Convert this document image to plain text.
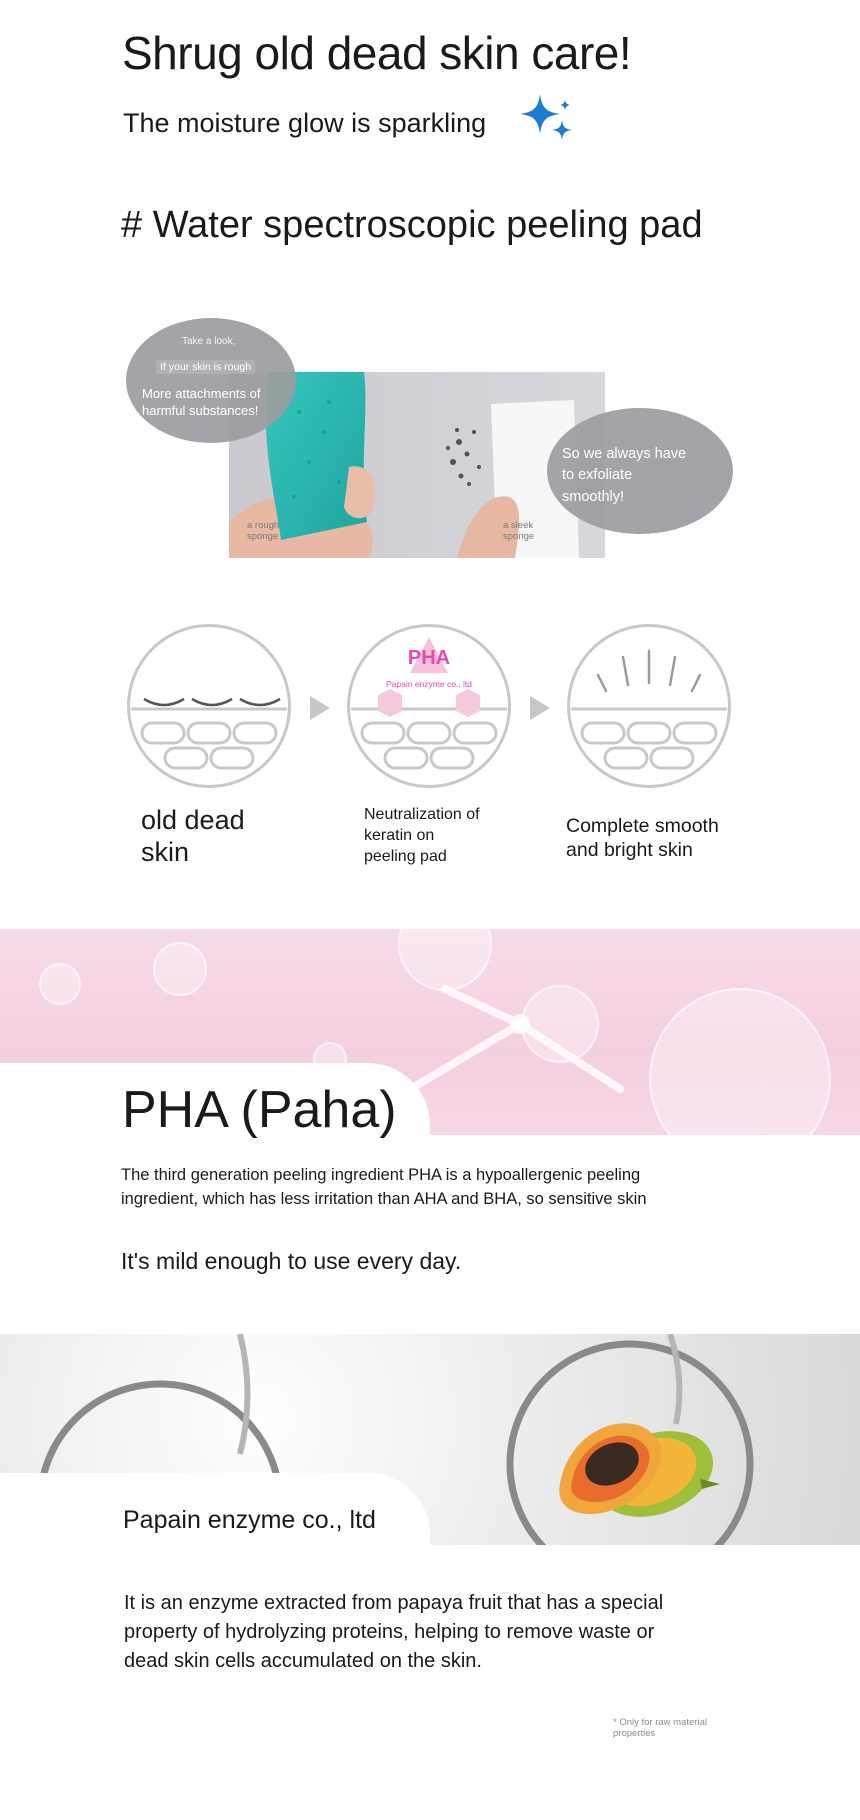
Shrug old dead skin care!

The moisture glow is sparkling

# Water spectroscopic peeling pad
a rough
sponge
a sleek
sponge
Take a look,
If your skin is rough
More attachments of
harmful substances!
So we always have
to exfoliate
smoothly!
PHA
Papain enzyme co., ltd

old dead
skin

Neutralization of
keratin on
peeling pad

Complete smooth
and bright skin

PHA (Paha)

The third generation peeling ingredient PHA is a hypoallergenic peeling ingredient, which has less irritation than AHA and BHA, so sensitive skin

It's mild enough to use every day.

Papain enzyme co., ltd

It is an enzyme extracted from papaya fruit that has a special property of hydrolyzing proteins, helping to remove waste or dead skin cells accumulated on the skin.

* Only for raw material properties
